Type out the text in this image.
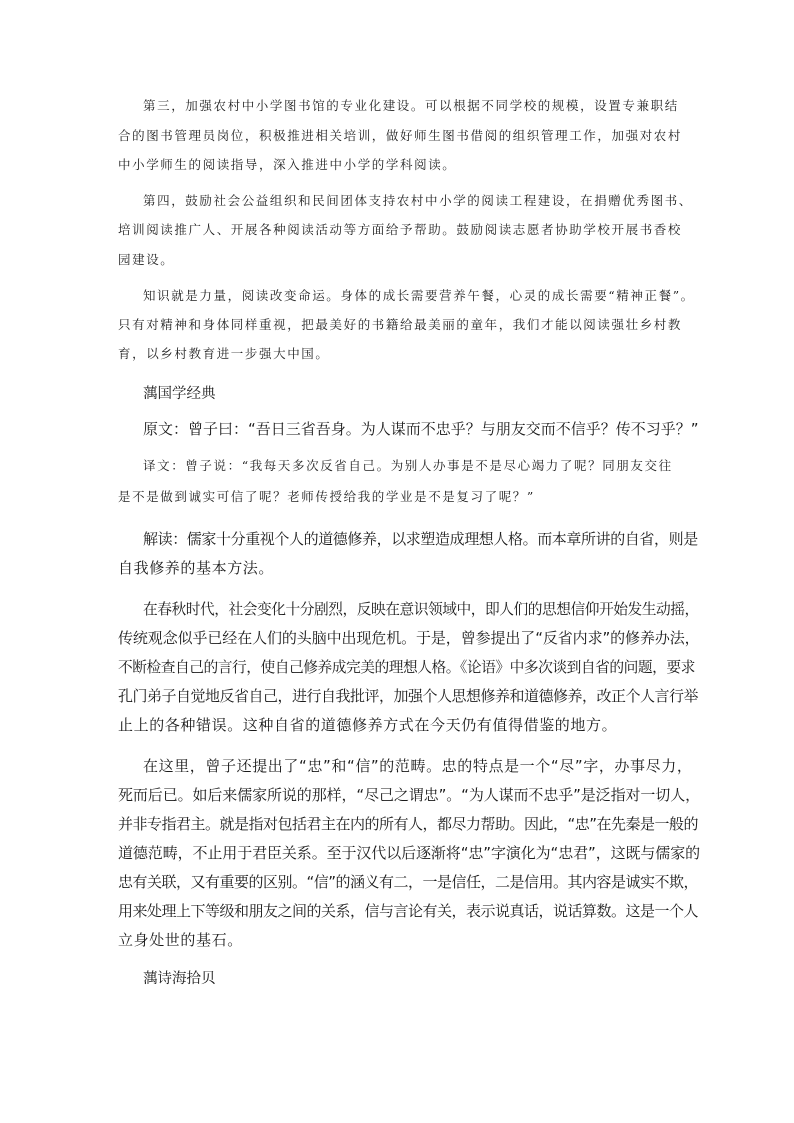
第三，加强农村中小学图书馆的专业化建设。可以根据不同学校的规模，设置专兼职结
合的图书管理员岗位，积极推进相关培训，做好师生图书借阅的组织管理工作，加强对农村
中小学师生的阅读指导，深入推进中小学的学科阅读。
第四，鼓励社会公益组织和民间团体支持农村中小学的阅读工程建设，在捐赠优秀图书、
培训阅读推广人、开展各种阅读活动等方面给予帮助。鼓励阅读志愿者协助学校开展书香校
园建设。
知识就是力量，阅读改变命运。身体的成长需要营养午餐，心灵的成长需要“精神正餐”。
只有对精神和身体同样重视，把最美好的书籍给最美丽的童年，我们才能以阅读强壮乡村教
育，以乡村教育进一步强大中国。
蕅国学经典
原文：曾子曰：“吾日三省吾身。为人谋而不忠乎？与朋友交而不信乎？传不习乎？”
译文：曾子说：“我每天多次反省自己。为别人办事是不是尽心竭力了呢？同朋友交往
是不是做到诚实可信了呢？老师传授给我的学业是不是复习了呢？”
解读：儒家十分重视个人的道德修养，以求塑造成理想人格。而本章所讲的自省，则是
自我修养的基本方法。
在春秋时代，社会变化十分剧烈，反映在意识领域中，即人们的思想信仰开始发生动摇，
传统观念似乎已经在人们的头脑中出现危机。于是，曾参提出了“反省内求”的修养办法，
不断检查自己的言行，使自己修养成完美的理想人格。《论语》中多次谈到自省的问题，要求
孔门弟子自觉地反省自己，进行自我批评，加强个人思想修养和道德修养，改正个人言行举
止上的各种错误。这种自省的道德修养方式在今天仍有值得借鉴的地方。
在这里，曾子还提出了“忠”和“信”的范畴。忠的特点是一个“尽”字，办事尽力，
死而后已。如后来儒家所说的那样，“尽己之谓忠”。“为人谋而不忠乎”是泛指对一切人，
并非专指君主。就是指对包括君主在内的所有人，都尽力帮助。因此，“忠”在先秦是一般的
道德范畴，不止用于君臣关系。至于汉代以后逐渐将“忠”字演化为“忠君”，这既与儒家的
忠有关联，又有重要的区别。“信”的涵义有二，一是信任，二是信用。其内容是诚实不欺，
用来处理上下等级和朋友之间的关系，信与言论有关，表示说真话，说话算数。这是一个人
立身处世的基石。
蕅诗海拾贝
